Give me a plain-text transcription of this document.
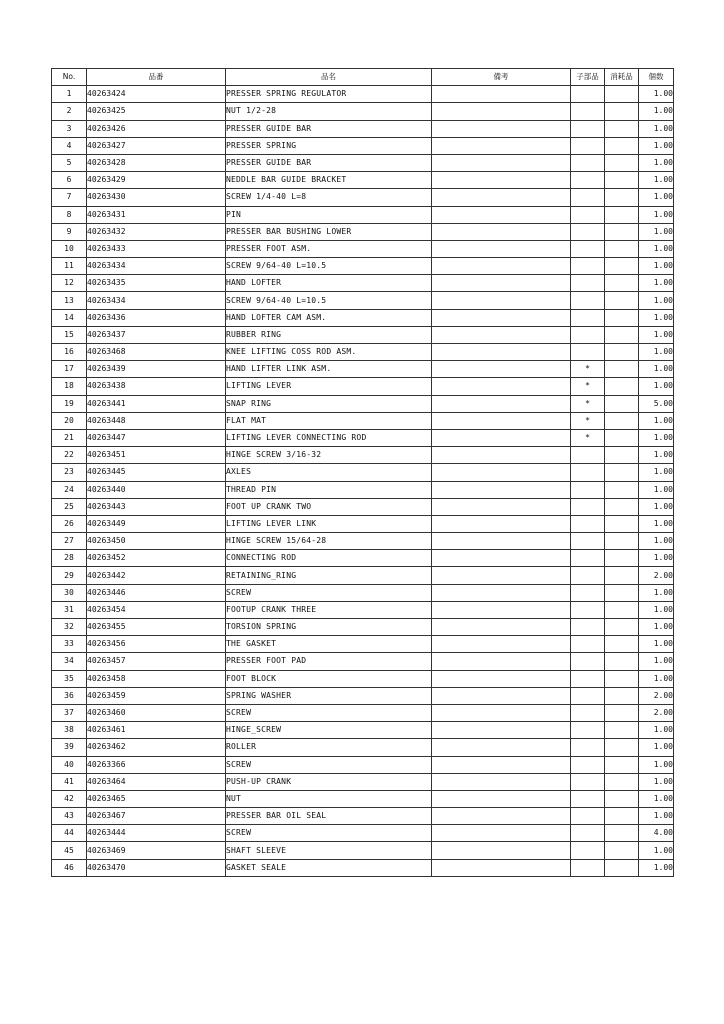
No.	品番	品名	備考	子部品	消耗品	個数
1	40263424	PRESSER SPRING REGULATOR				1.00
2	40263425	NUT 1/2-28				1.00
3	40263426	PRESSER GUIDE BAR				1.00
4	40263427	PRESSER SPRING				1.00
5	40263428	PRESSER GUIDE BAR				1.00
6	40263429	NEDDLE BAR GUIDE BRACKET				1.00
7	40263430	SCREW 1/4-40 L=8				1.00
8	40263431	PIN				1.00
9	40263432	PRESSER BAR BUSHING LOWER				1.00
10	40263433	PRESSER FOOT ASM.				1.00
11	40263434	SCREW 9/64-40 L=10.5				1.00
12	40263435	HAND LOFTER				1.00
13	40263434	SCREW 9/64-40 L=10.5				1.00
14	40263436	HAND LOFTER CAM ASM.				1.00
15	40263437	RUBBER RING				1.00
16	40263468	KNEE LIFTING COSS ROD ASM.				1.00
17	40263439	HAND LIFTER LINK ASM.		*		1.00
18	40263438	LIFTING LEVER		*		1.00
19	40263441	SNAP RING		*		5.00
20	40263448	FLAT MAT		*		1.00
21	40263447	LIFTING LEVER CONNECTING ROD		*		1.00
22	40263451	HINGE SCREW 3/16-32				1.00
23	40263445	AXLES				1.00
24	40263440	THREAD PIN				1.00
25	40263443	FOOT UP CRANK TWO				1.00
26	40263449	LIFTING LEVER LINK				1.00
27	40263450	HINGE SCREW 15/64-28				1.00
28	40263452	CONNECTING ROD				1.00
29	40263442	RETAINING_RING				2.00
30	40263446	SCREW				1.00
31	40263454	FOOTUP CRANK THREE				1.00
32	40263455	TORSION SPRING				1.00
33	40263456	THE GASKET				1.00
34	40263457	PRESSER FOOT PAD				1.00
35	40263458	FOOT BLOCK				1.00
36	40263459	SPRING WASHER				2.00
37	40263460	SCREW				2.00
38	40263461	HINGE_SCREW				1.00
39	40263462	ROLLER				1.00
40	40263366	SCREW				1.00
41	40263464	PUSH-UP CRANK				1.00
42	40263465	NUT				1.00
43	40263467	PRESSER BAR OIL SEAL				1.00
44	40263444	SCREW				4.00
45	40263469	SHAFT SLEEVE				1.00
46	40263470	GASKET SEALE				1.00
